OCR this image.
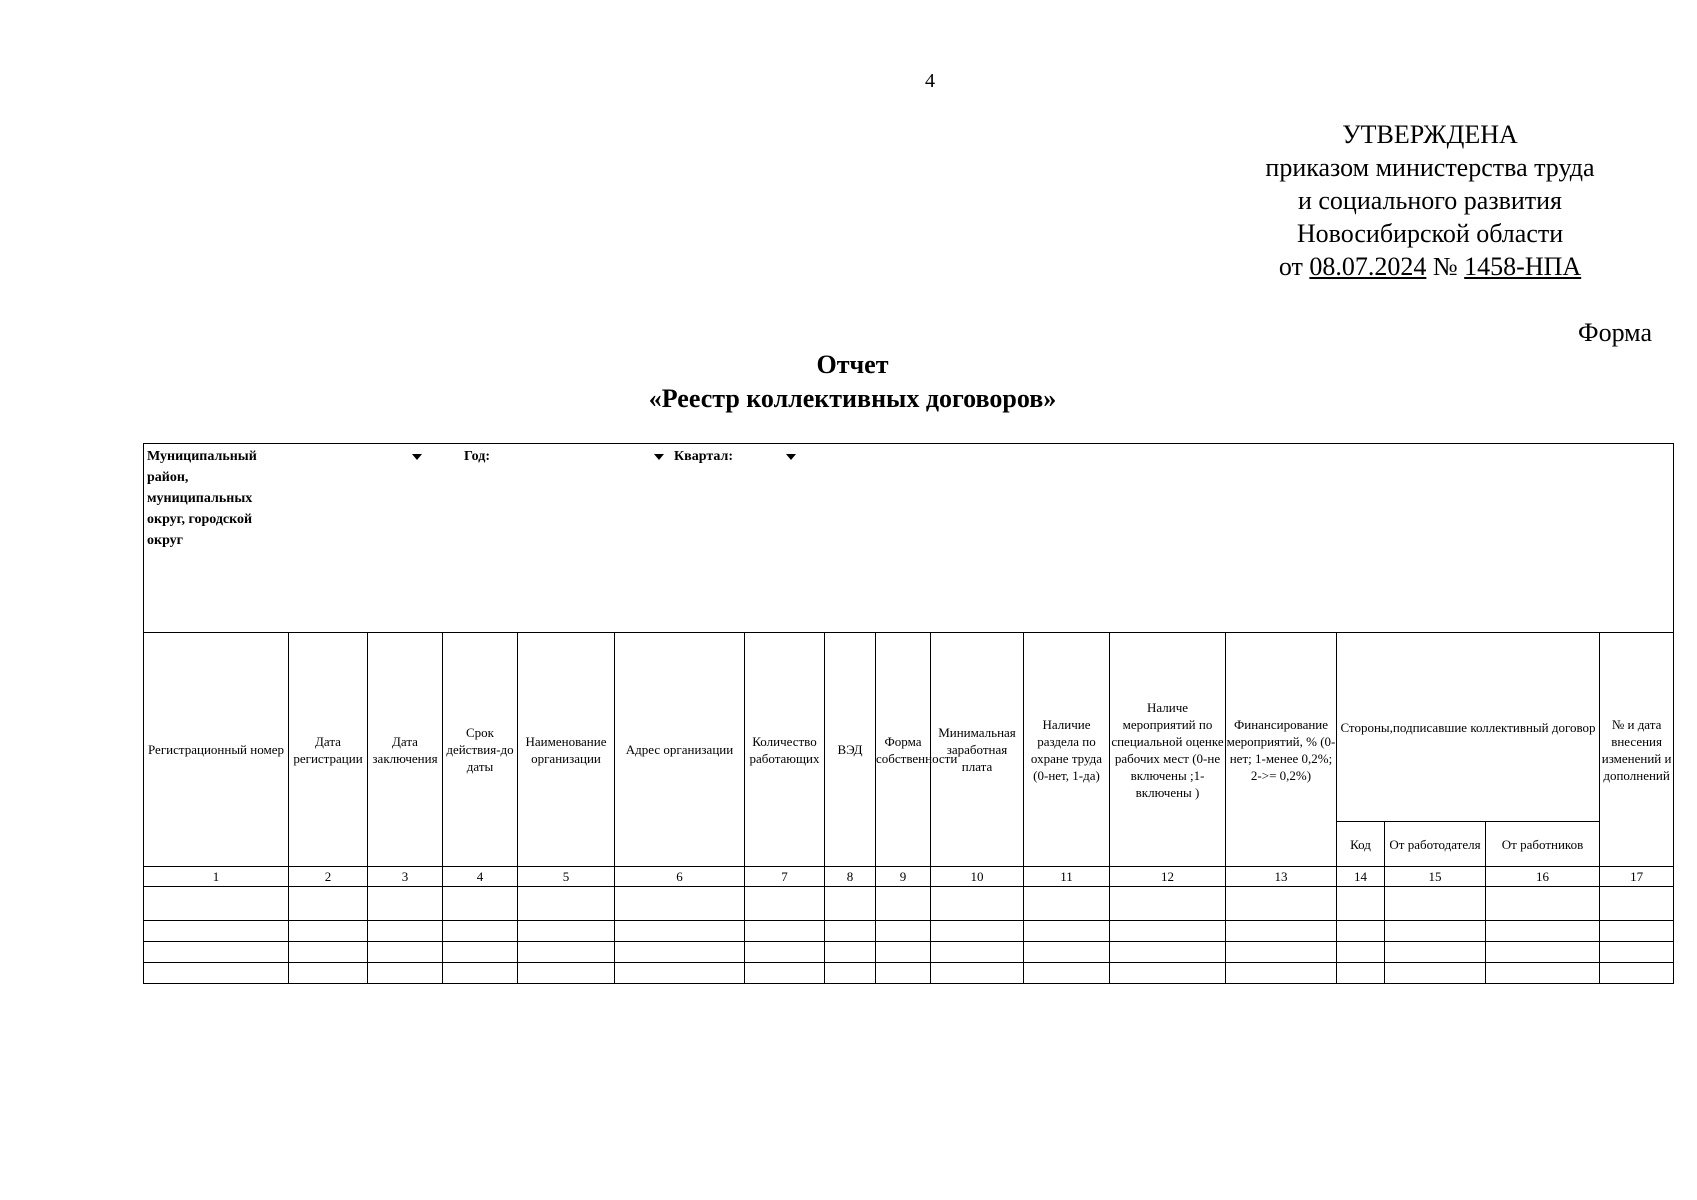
4
УТВЕРЖДЕНА
приказом министерства труда
и социального развития
Новосибирской области
от 08.07.2024 № 1458-НПА
Форма
Отчет
«Реестр коллективных договоров»
Муниципальный район, муниципальных округ, городской округ
Год: Квартал:																

Регистрационный номер	Дата регистрации	Дата заключения	Срок действия-до даты	Наименование организации	Адрес организации	Количество работающих	ВЭД	Форма собственности	Минимальная заработная плата	Наличие раздела по охране труда (0-нет, 1-да)	Наличе мероприятий по специальной оценке рабочих мест (0-не включены ;1-включены )	Финансирование мероприятий, % (0-нет; 1-менее 0,2%; 2->= 0,2%)	Стороны,подписавшие коллективный договор			№ и дата внесения изменений и дополнений
													Код	От работодателя	От работников	
1	2	3	4	5	6	7	8	9	10	11	12	13	14	15	16	17
